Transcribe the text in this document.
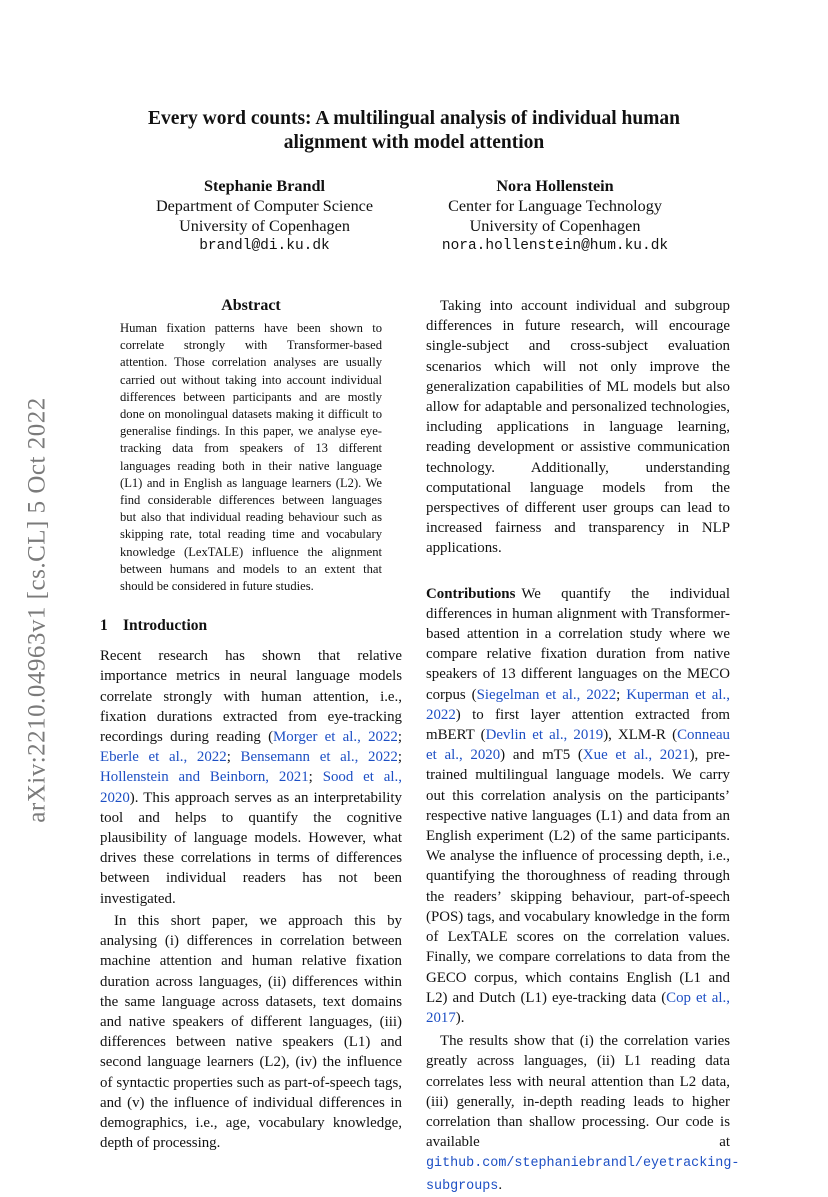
arXiv:2210.04963v1 [cs.CL] 5 Oct 2022
Every word counts: A multilingual analysis of individual human
alignment with model attention
Stephanie Brandl
Department of Computer Science
University of Copenhagen
brandl@di.ku.dk
Nora Hollenstein
Center for Language Technology
University of Copenhagen
nora.hollenstein@hum.ku.dk
Abstract

Human fixation patterns have been shown to correlate strongly with Transformer-based attention. Those correlation analyses are usually carried out without taking into account individual differences between participants and are mostly done on monolingual datasets making it difficult to generalise findings. In this paper, we analyse eye-tracking data from speakers of 13 different languages reading both in their native language (L1) and in English as language learners (L2). We find considerable differences between languages but also that individual reading behaviour such as skipping rate, total reading time and vocabulary knowledge (LexTALE) influence the alignment between humans and models to an extent that should be considered in future studies.

1 Introduction

Recent research has shown that relative importance metrics in neural language models correlate strongly with human attention, i.e., fixation durations extracted from eye-tracking recordings during reading (Morger et al., 2022; Eberle et al., 2022; Bensemann et al., 2022; Hollenstein and Beinborn, 2021; Sood et al., 2020). This approach serves as an interpretability tool and helps to quantify the cognitive plausibility of language models. However, what drives these correlations in terms of differences between individual readers has not been investigated.

In this short paper, we approach this by analysing (i) differences in correlation between machine attention and human relative fixation duration across languages, (ii) differences within the same language across datasets, text domains and native speakers of different languages, (iii) differences between native speakers (L1) and second language learners (L2), (iv) the influence of syntactic properties such as part-of-speech tags, and (v) the influence of individual differences in demographics, i.e., age, vocabulary knowledge, depth of processing.

Taking into account individual and subgroup differences in future research, will encourage single-subject and cross-subject evaluation scenarios which will not only improve the generalization capabilities of ML models but also allow for adaptable and personalized technologies, including applications in language learning, reading development or assistive communication technology. Additionally, understanding computational language models from the perspectives of different user groups can lead to increased fairness and transparency in NLP applications.

Contributions We quantify the individual differences in human alignment with Transformer-based attention in a correlation study where we compare relative fixation duration from native speakers of 13 different languages on the MECO corpus (Siegelman et al., 2022; Kuperman et al., 2022) to first layer attention extracted from mBERT (Devlin et al., 2019), XLM-R (Conneau et al., 2020) and mT5 (Xue et al., 2021), pre-trained multilingual language models. We carry out this correlation analysis on the participants’ respective native languages (L1) and data from an English experiment (L2) of the same participants. We analyse the influence of processing depth, i.e., quantifying the thoroughness of reading through the readers’ skipping behaviour, part-of-speech (POS) tags, and vocabulary knowledge in the form of LexTALE scores on the correlation values. Finally, we compare correlations to data from the GECO corpus, which contains English (L1 and L2) and Dutch (L1) eye-tracking data (Cop et al., 2017).

The results show that (i) the correlation varies greatly across languages, (ii) L1 reading data correlates less with neural attention than L2 data, (iii) generally, in-depth reading leads to higher correlation than shallow processing. Our code is available at github.com/stephaniebrandl/eyetracking-subgroups.
